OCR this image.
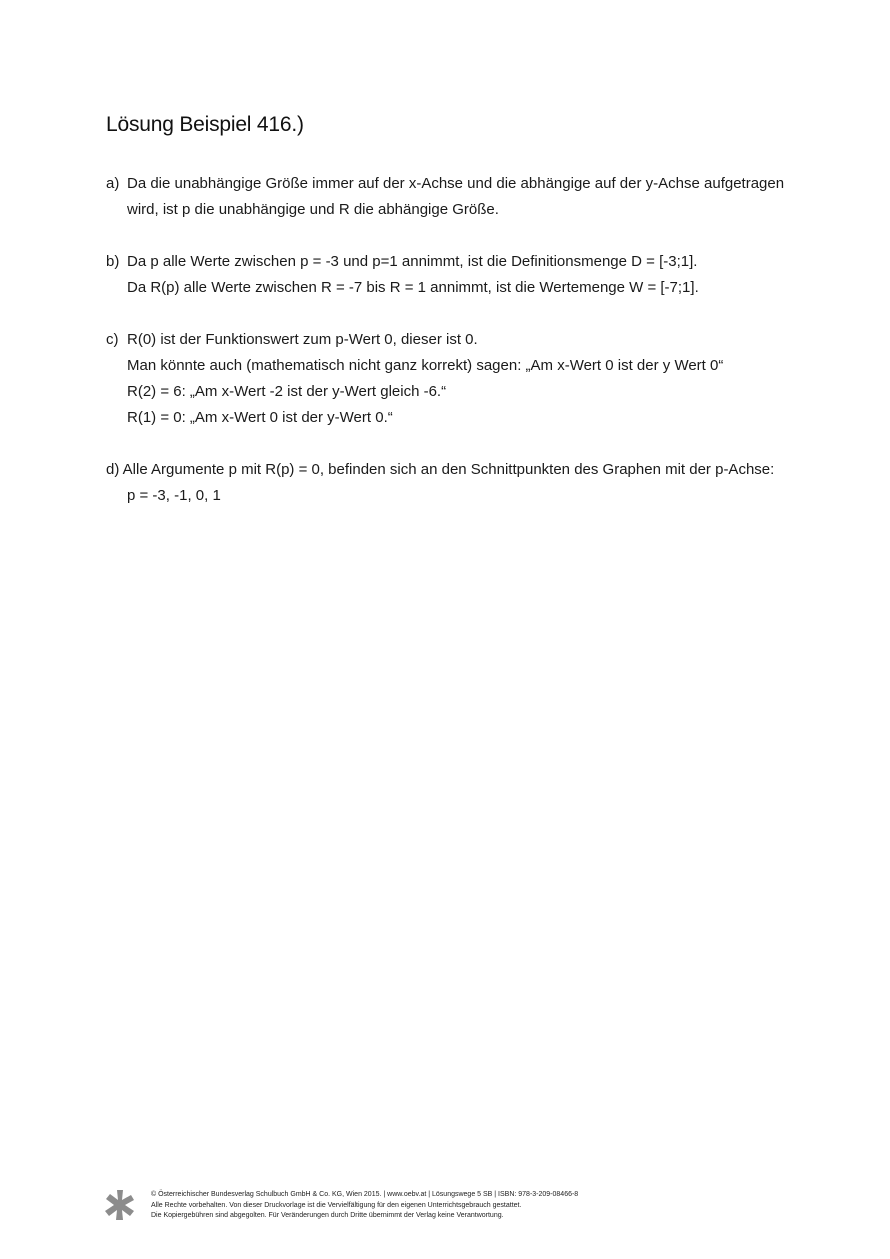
Lösung Beispiel 416.)
a) Da die unabhängige Größe immer auf der x-Achse und die abhängige auf der y-Achse aufgetragen
wird, ist p die unabhängige und R die abhängige Größe.
b) Da p alle Werte zwischen p = -3 und p=1 annimmt, ist die Definitionsmenge D = [-3;1].
Da R(p) alle Werte zwischen R = -7 bis R = 1 annimmt, ist die Wertemenge W = [-7;1].
c) R(0) ist der Funktionswert zum p-Wert 0, dieser ist 0.
Man könnte auch (mathematisch nicht ganz korrekt) sagen: „Am x-Wert 0 ist der y Wert 0“
R(2) = 6: „Am x-Wert -2 ist der y-Wert gleich -6.“
R(1) = 0: „Am x-Wert 0 ist der y-Wert 0.“
d) Alle Argumente p mit R(p) = 0, befinden sich an den Schnittpunkten des Graphen mit der p-Achse:
p = -3, -1, 0, 1
© Österreichischer Bundesverlag Schulbuch GmbH & Co. KG, Wien 2015. | www.oebv.at | Lösungswege 5 SB | ISBN: 978-3-209-08466-8
Alle Rechte vorbehalten. Von dieser Druckvorlage ist die Vervielfältigung für den eigenen Unterrichtsgebrauch gestattet.
Die Kopiergebühren sind abgegolten. Für Veränderungen durch Dritte übernimmt der Verlag keine Verantwortung.
